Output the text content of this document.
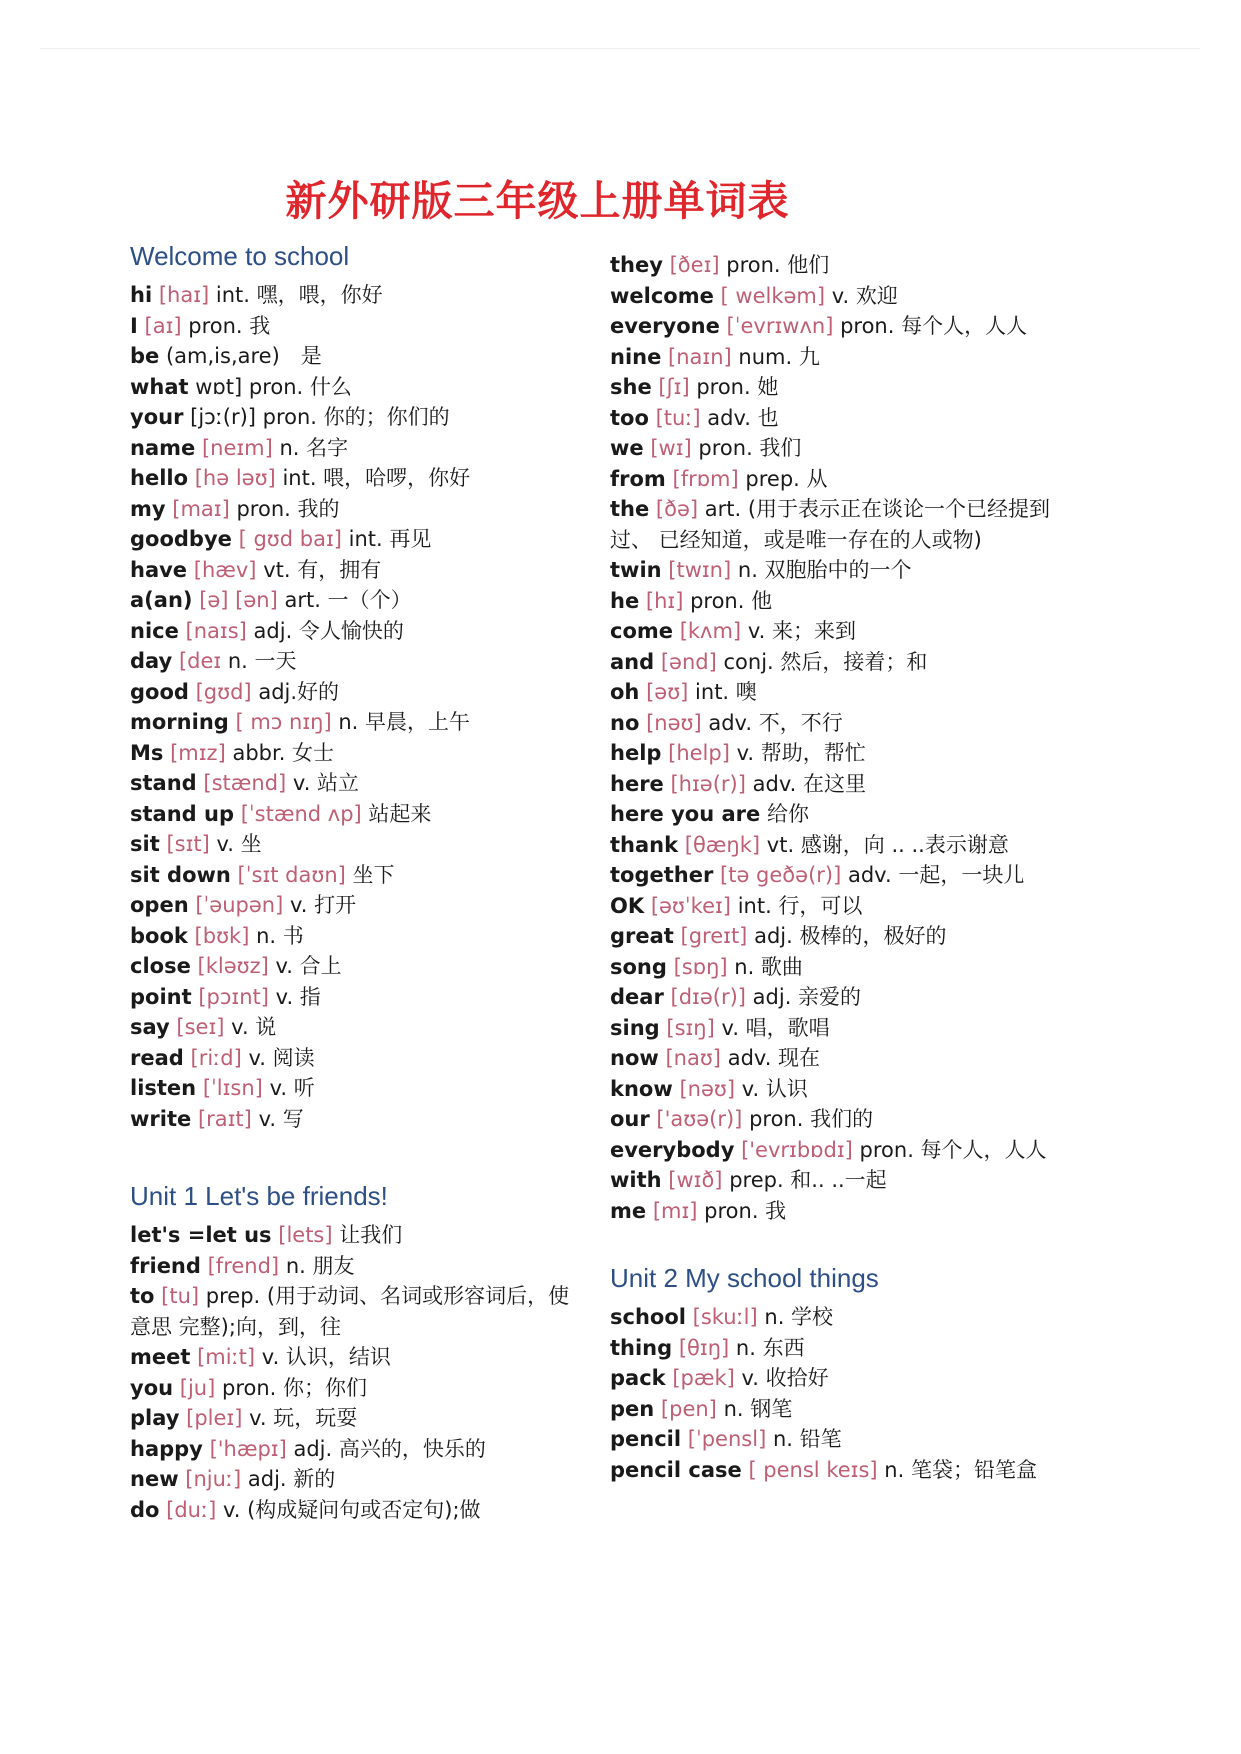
新外研版三年级上册单词表
Welcome to school
hi [haɪ] int. 嘿，喂，你好
I [aɪ] pron. 我
be (am,is,are)　是
what wɒt] pron. 什么
your [jɔː(r)] pron. 你的；你们的
name [neɪm] n. 名字
hello [hə ləʊ] int. 喂，哈啰，你好
my [maɪ] pron. 我的
goodbye [ gʊd baɪ] int. 再见
have [hæv] vt. 有，拥有
a(an) [ə] [ən] art. 一（个）
nice [naɪs] adj. 令人愉快的
day [deɪ n. 一天
good [gʊd] adj.好的
morning [ mɔ nɪŋ] n. 早晨，上午
Ms [mɪz] abbr. 女士
stand [stænd] v. 站立
stand up [ˈstænd ʌp] 站起来
sit [sɪt] v. 坐
sit down [ˈsɪt daʊn] 坐下
open [ˈəupən] v. 打开
book [bʊk] n. 书
close [kləʊz] v. 合上
point [pɔɪnt] v. 指
say [seɪ] v. 说
read [riːd] v. 阅读
listen [ˈlɪsn] v. 听
write [raɪt] v. 写
Unit 1 Let's be friends!
let's =let us [lets] 让我们
friend [frend] n. 朋友
to [tu] prep. (用于动词、名词或形容词后，使意思 完整);向，到，往
meet [miːt] v. 认识，结识
you [ju] pron. 你；你们
play [pleɪ] v. 玩，玩耍
happy ['hæpɪ] adj. 高兴的，快乐的
new [njuː] adj. 新的
do [duː] v. (构成疑问句或否定句);做
they [ðeɪ] pron. 他们
welcome [ welkəm] v. 欢迎
everyone [ˈevrɪwʌn] pron. 每个人，人人
nine [naɪn] num. 九
she [ʃɪ] pron. 她
too [tuː] adv. 也
we [wɪ] pron. 我们
from [frɒm] prep. 从
the [ðə] art. (用于表示正在谈论一个已经提到过、 已经知道，或是唯一存在的人或物)
twin [twɪn] n. 双胞胎中的一个
he [hɪ] pron. 他
come [kʌm] v. 来；来到
and [ənd] conj. 然后，接着；和
oh [əʊ] int. 噢
no [nəʊ] adv. 不，不行
help [help] v. 帮助，帮忙
here [hɪə(r)] adv. 在这里
here you are 给你
thank [θæŋk] vt. 感谢，向 .. ..表示谢意
together [tə geðə(r)] adv. 一起，一块儿
OK [əʊˈkeɪ] int. 行，可以
great [greɪt] adj. 极棒的，极好的
song [sɒŋ] n. 歌曲
dear [dɪə(r)] adj. 亲爱的
sing [sɪŋ] v. 唱，歌唱
now [naʊ] adv. 现在
know [nəʊ] v. 认识
our ['aʊə(r)] pron. 我们的
everybody ['evrɪbɒdɪ] pron. 每个人，人人
with [wɪð] prep. 和.. ..一起
me [mɪ] pron. 我
Unit 2 My school things
school [skuːl] n. 学校
thing [θɪŋ] n. 东西
pack [pæk] v. 收拾好
pen [pen] n. 钢笔
pencil [ˈpensl] n. 铅笔
pencil case [ pensl keɪs] n. 笔袋；铅笔盒
